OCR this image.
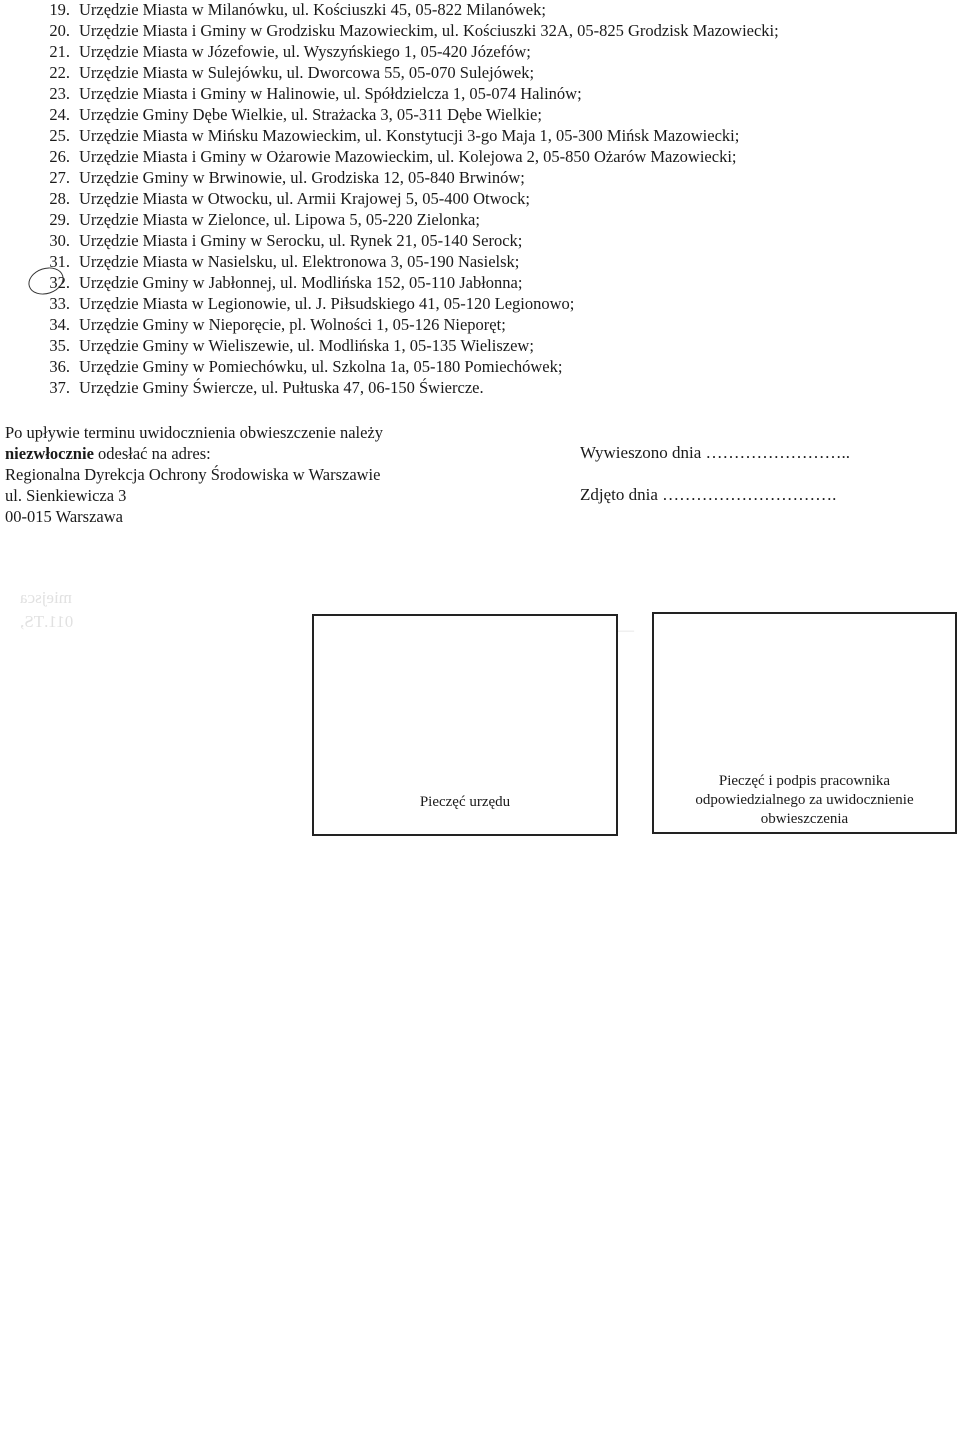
19. Urzędzie Miasta w Milanówku, ul. Kościuszki 45, 05-822 Milanówek;
20. Urzędzie Miasta i Gminy w Grodzisku Mazowieckim, ul. Kościuszki 32A, 05-825 Grodzisk Mazowiecki;
21. Urzędzie Miasta w Józefowie, ul. Wyszyńskiego 1, 05-420 Józefów;
22. Urzędzie Miasta w Sulejówku, ul. Dworcowa 55, 05-070 Sulejówek;
23. Urzędzie Miasta i Gminy w Halinowie, ul. Spółdzielcza 1, 05-074 Halinów;
24. Urzędzie Gminy Dębe Wielkie, ul. Strażacka 3, 05-311 Dębe Wielkie;
25. Urzędzie Miasta w Mińsku Mazowieckim, ul. Konstytucji 3-go Maja 1, 05-300 Mińsk Mazowiecki;
26. Urzędzie Miasta i Gminy w Ożarowie Mazowieckim, ul. Kolejowa 2, 05-850 Ożarów Mazowiecki;
27. Urzędzie Gminy w Brwinowie, ul. Grodziska 12, 05-840 Brwinów;
28. Urzędzie Miasta w Otwocku, ul. Armii Krajowej 5, 05-400 Otwock;
29. Urzędzie Miasta w Zielonce, ul. Lipowa 5, 05-220 Zielonka;
30. Urzędzie Miasta i Gminy w Serocku, ul. Rynek 21, 05-140 Serock;
31. Urzędzie Miasta w Nasielsku, ul. Elektronowa 3, 05-190 Nasielsk;
32. Urzędzie Gminy w Jabłonnej, ul. Modlińska 152, 05-110 Jabłonna;
33. Urzędzie Miasta w Legionowie, ul. J. Piłsudskiego 41, 05-120 Legionowo;
34. Urzędzie Gminy w Nieporęcie, pl. Wolności 1, 05-126 Nieporęt;
35. Urzędzie Gminy w Wieliszewie, ul. Modlińska 1, 05-135 Wieliszew;
36. Urzędzie Gminy w Pomiechówku, ul. Szkolna 1a, 05-180 Pomiechówek;
37. Urzędzie Gminy Świercze, ul. Pułtuska 47, 06-150 Świercze.
Po upływie terminu uwidocznienia obwieszczenie należy
niezwłocznie odesłać na adres:
Regionalna Dyrekcja Ochrony Środowiska w Warszawie
ul. Sienkiewicza 3
00-015 Warszawa
Wywieszono dnia ……………………..
Zdjęto dnia ………………………….
miejsca
011.TS,	—
Pieczęć urzędu
Pieczęć i podpis pracownika
odpowiedzialnego za uwidocznienie
obwieszczenia
